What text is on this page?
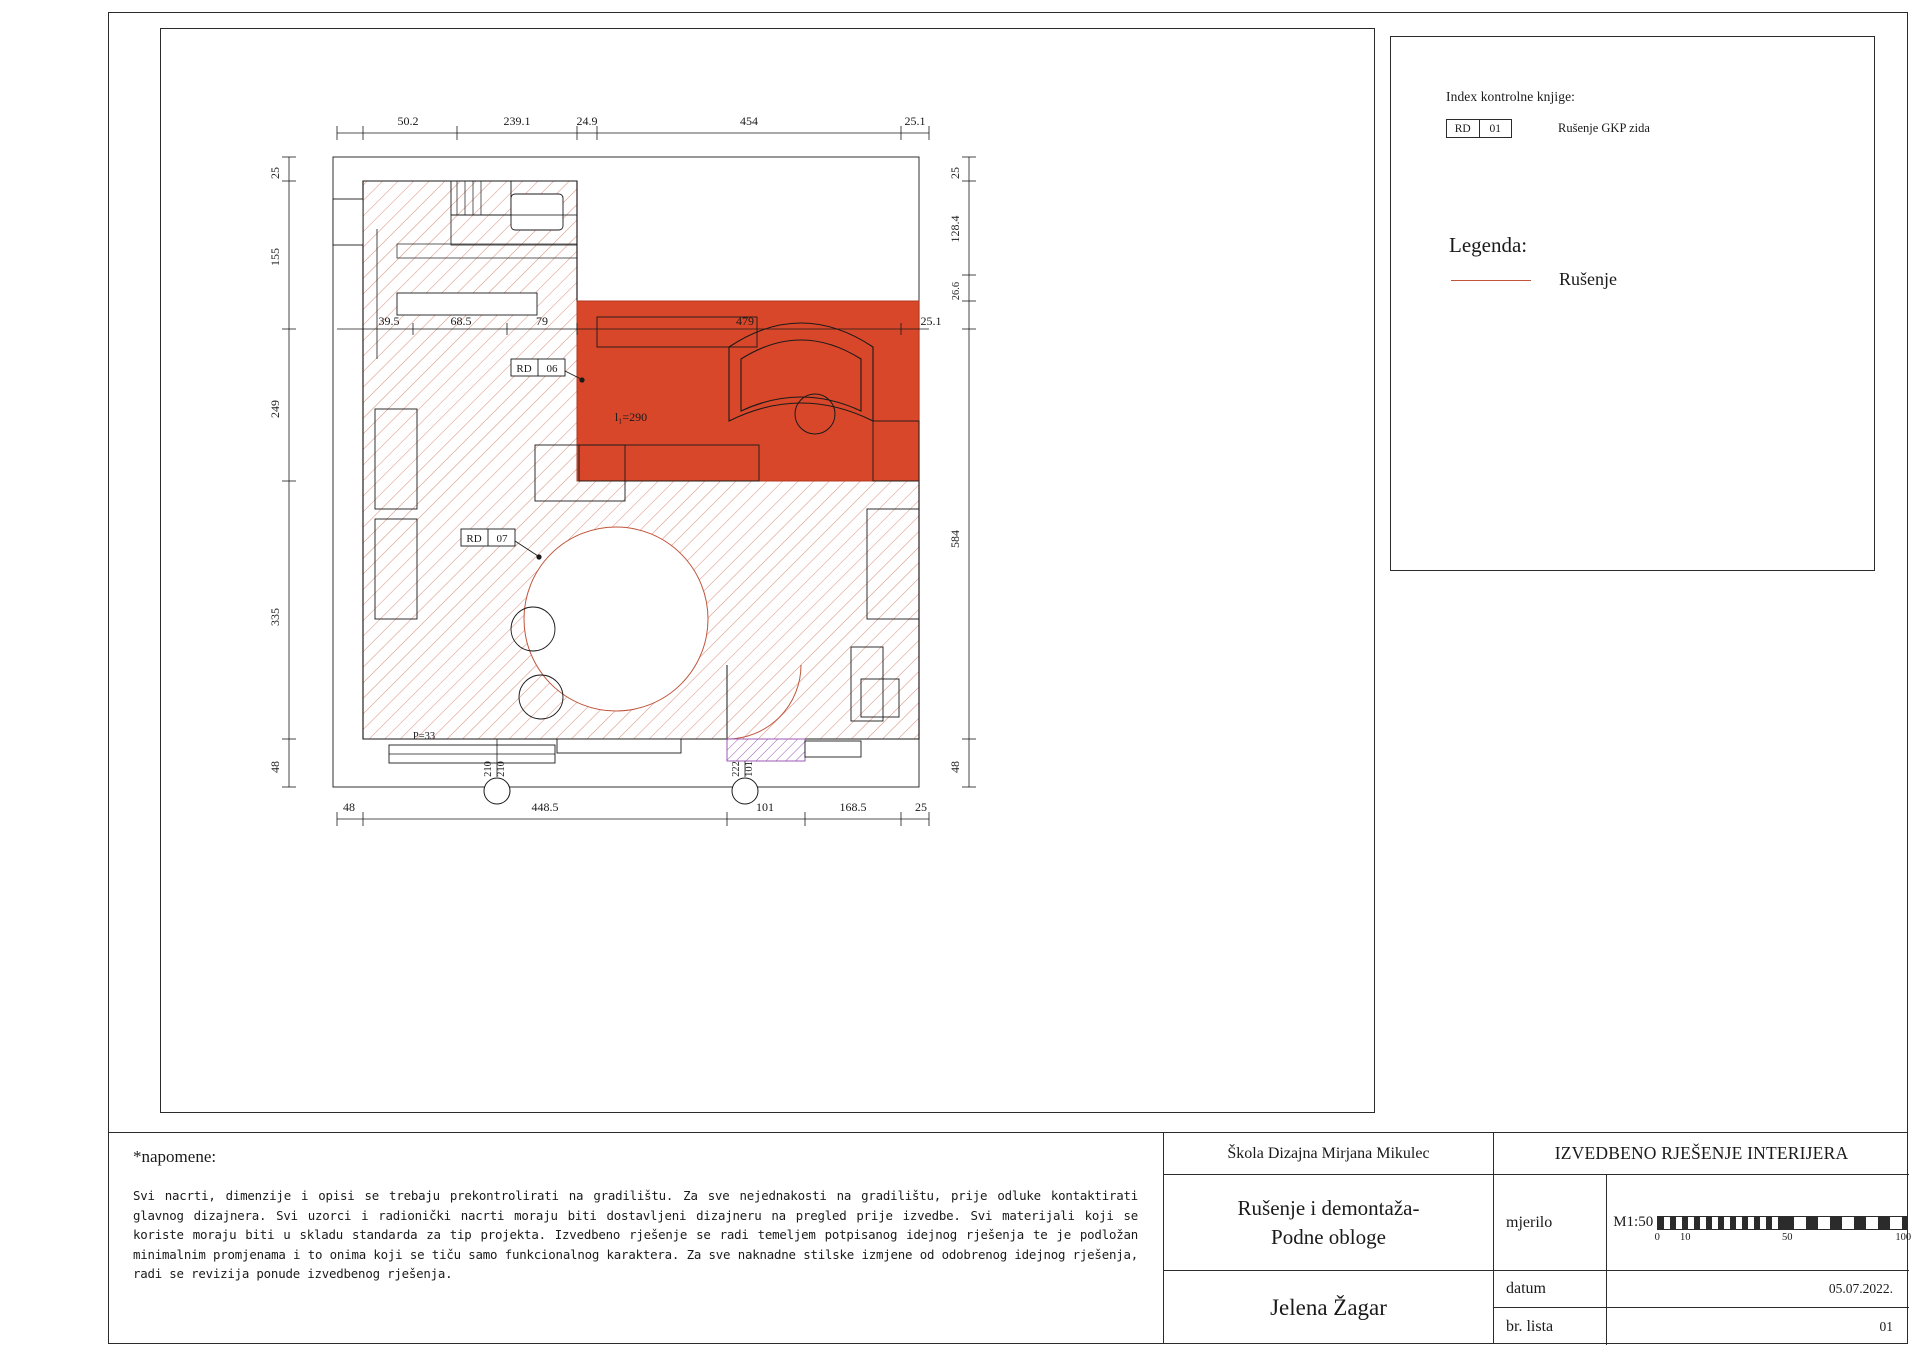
50.2	239.1	24.9	454	25.1
25
155
249
335
48
25
128.4
26.6
25.1
584
48
39.5	68.5	79	479
48	448.5	101	168.5	25
210 210	222 101
RD 06
RD 07
l₁=290
P=33
Index kontrolne knjige:
RD	01	Rušenje GKP zida
Legenda:
Rušenje
*napomene:
Svi nacrti, dimenzije i opisi se trebaju prekontrolirati na gradilištu. Za sve nejednakosti na gradilištu, prije odluke kontaktirati glavnog dizajnera. Svi uzorci i radionički nacrti moraju biti dostavljeni dizajneru na pregled prije izvedbe. Svi materijali koji se koriste moraju biti u skladu standarda za tip projekta. Izvedbeno rješenje se radi temeljem potpisanog idejnog rješenja te je podložan minimalnim promjenama i to onima koji se tiču samo funkcionalnog karaktera. Za sve naknadne stilske izmjene od odobrenog idejnog rješenja, radi se revizija ponude izvedbenog rješenja.
Škola Dizajna Mirjana Mikulec
Rušenje i demontaža-
Podne obloge
Jelena Žagar
IZVEDBENO RJEŠENJE INTERIJERA
mjerilo	M1:50
0 10	50	100
datum	05.07.2022.
br. lista	01
